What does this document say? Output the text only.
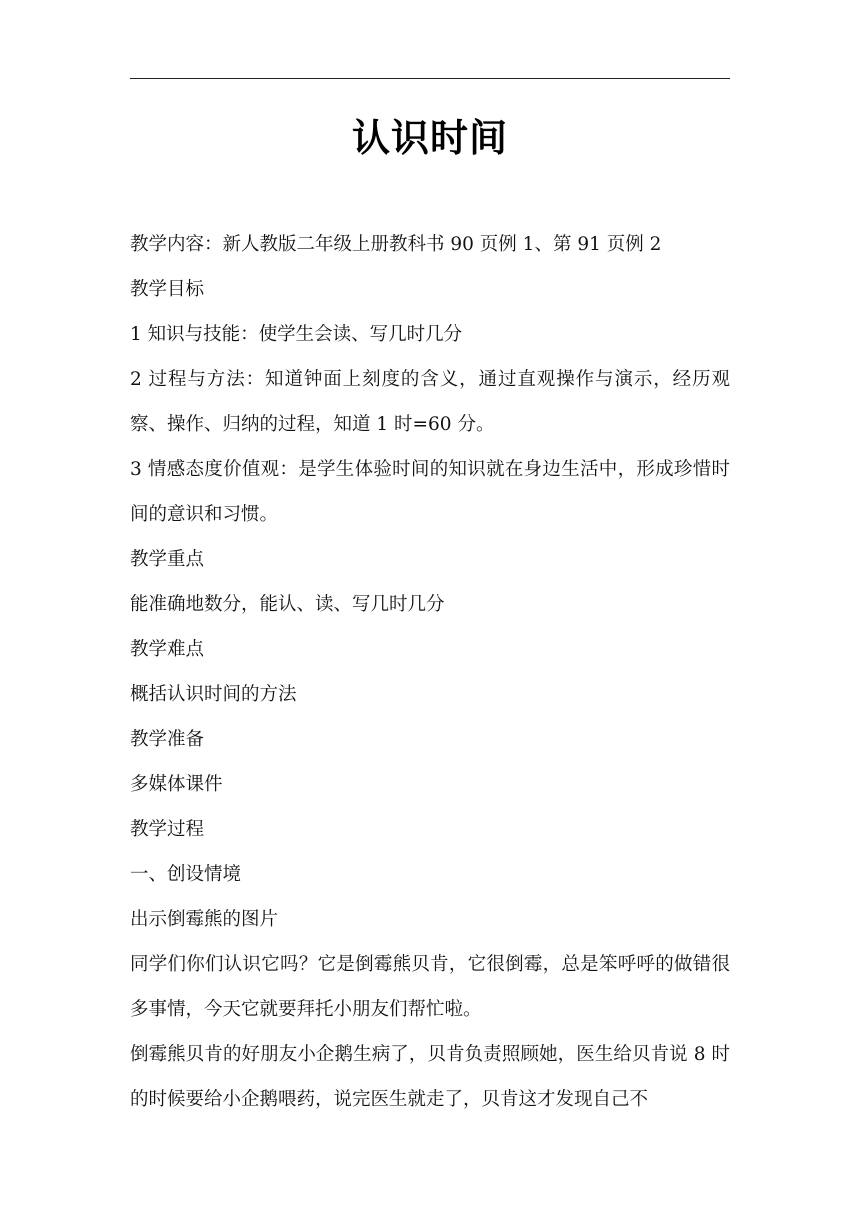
认识时间

教学内容：新人教版二年级上册教科书 90 页例 1、第 91 页例 2

教学目标

1 知识与技能：使学生会读、写几时几分

2 过程与方法：知道钟面上刻度的含义，通过直观操作与演示，经历观察、操作、归纳的过程，知道 1 时=60 分。

3 情感态度价值观：是学生体验时间的知识就在身边生活中，形成珍惜时间的意识和习惯。

教学重点

能准确地数分，能认、读、写几时几分

教学难点

概括认识时间的方法

教学准备

多媒体课件

教学过程

一、创设情境

出示倒霉熊的图片

同学们你们认识它吗？它是倒霉熊贝肯，它很倒霉，总是笨呼呼的做错很多事情，今天它就要拜托小朋友们帮忙啦。

倒霉熊贝肯的好朋友小企鹅生病了，贝肯负责照顾她，医生给贝肯说 8 时的时候要给小企鹅喂药，说完医生就走了，贝肯这才发现自己不
